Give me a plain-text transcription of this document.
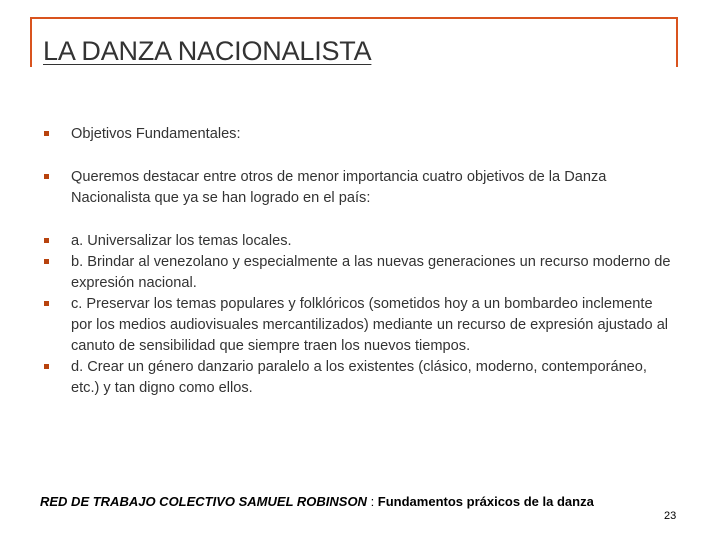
LA DANZA NACIONALISTA
Objetivos Fundamentales:
Queremos destacar entre otros de menor importancia cuatro objetivos de la Danza Nacionalista que ya se han logrado en el país:
a. Universalizar los temas locales.
b. Brindar al venezolano y especialmente a las nuevas generaciones un recurso moderno de expresión nacional.
c. Preservar los temas populares y folklóricos (sometidos hoy a un bombardeo inclemente por los medios audiovisuales mercantilizados) mediante un recurso de expresión ajustado al canuto de sensibilidad que siempre traen los nuevos tiempos.
d. Crear un género danzario paralelo a los existentes (clásico, moderno, contemporáneo, etc.) y tan digno como ellos.
RED DE TRABAJO COLECTIVO SAMUEL ROBINSON : Fundamentos práxicos de la danza
23
